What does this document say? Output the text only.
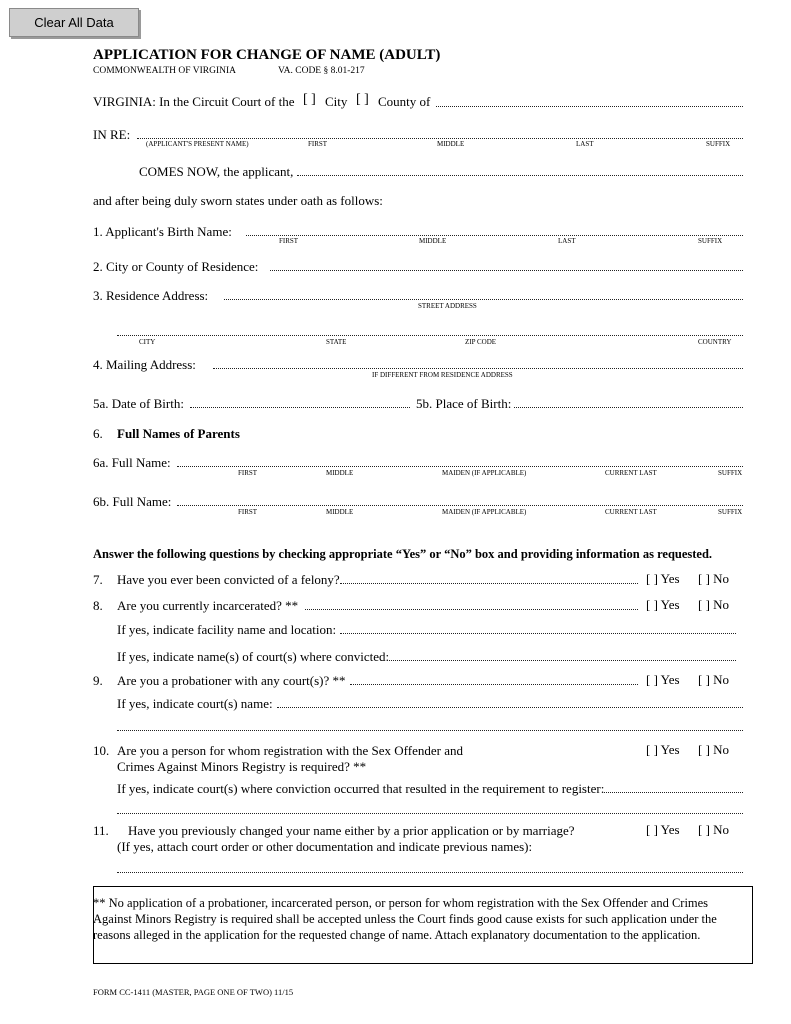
Clear All Data
APPLICATION FOR CHANGE OF NAME (ADULT)
COMMONWEALTH OF VIRGINIA	VA. CODE § 8.01-217
VIRGINIA: In the Circuit Court of the [ ] City [ ] County of
IN RE:
(APPLICANT'S PRESENT NAME)	FIRST	MIDDLE	LAST	SUFFIX
COMES NOW, the applicant,
and after being duly sworn states under oath as follows:
1. Applicant's Birth Name:
FIRST	MIDDLE	LAST	SUFFIX
2. City or County of Residence:
3. Residence Address:
STREET ADDRESS
CITY	STATE	ZIP CODE	COUNTRY
4. Mailing Address:
IF DIFFERENT FROM RESIDENCE ADDRESS
5a. Date of Birth:	5b. Place of Birth:
6. Full Names of Parents
6a. Full Name:
FIRST	MIDDLE	MAIDEN (IF APPLICABLE)	CURRENT LAST	SUFFIX
6b. Full Name:
FIRST	MIDDLE	MAIDEN (IF APPLICABLE)	CURRENT LAST	SUFFIX
Answer the following questions by checking appropriate “Yes” or “No” box and providing information as requested.
7. Have you ever been convicted of a felony?	[ ] Yes [ ] No
8. Are you currently incarcerated? **	[ ] Yes [ ] No
If yes, indicate facility name and location:
If yes, indicate name(s) of court(s) where convicted:
9. Are you a probationer with any court(s)? **	[ ] Yes [ ] No
If yes, indicate court(s) name:
10. Are you a person for whom registration with the Sex Offender and
Crimes Against Minors Registry is required? **
[ ] Yes [ ] No
If yes, indicate court(s) where conviction occurred that resulted in the requirement to register:
11. Have you previously changed your name either by a prior application or by marriage?	[ ] Yes [ ] No
(If yes, attach court order or other documentation and indicate previous names):
** No application of a probationer, incarcerated person, or person for whom registration with the Sex Offender and Crimes Against Minors Registry is required shall be accepted unless the Court finds good cause exists for such application under the reasons alleged in the application for the requested change of name. Attach explanatory documentation to the application.
FORM CC-1411 (MASTER, PAGE ONE OF TWO) 11/15
